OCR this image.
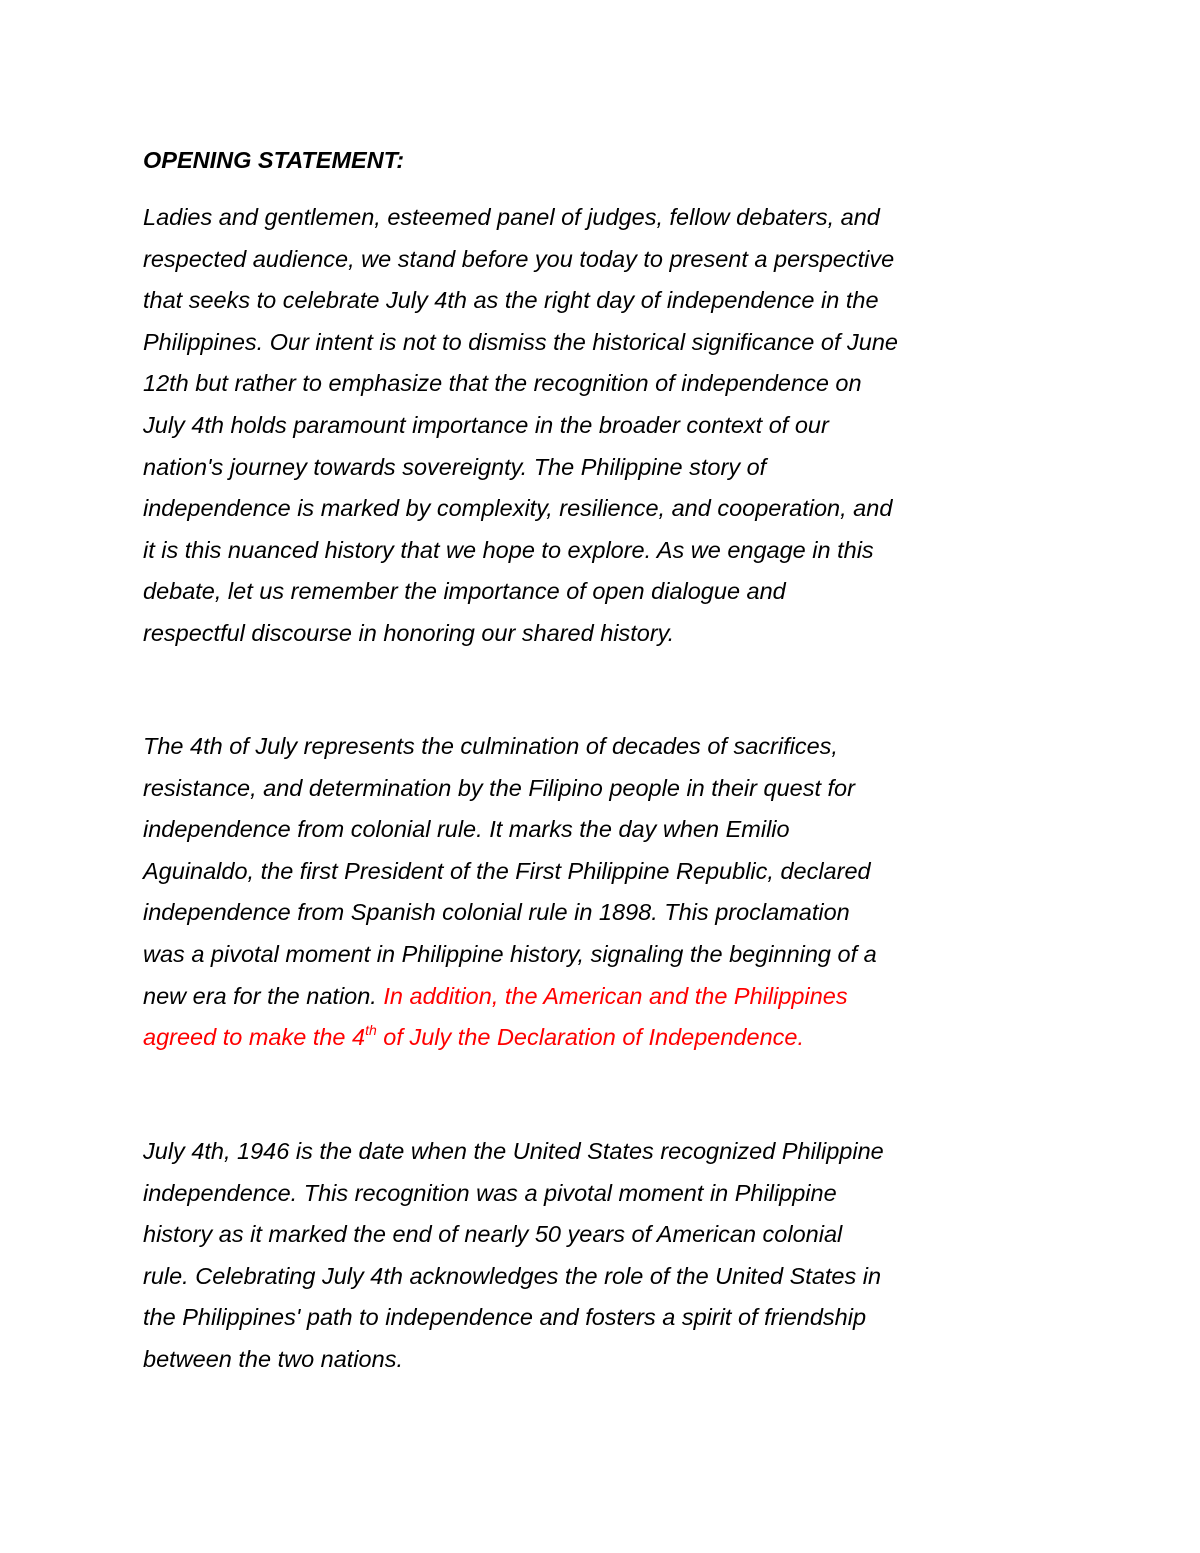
OPENING STATEMENT:

Ladies and gentlemen, esteemed panel of judges, fellow debaters, and
respected audience, we stand before you today to present a perspective
that seeks to celebrate July 4th as the right day of independence in the
Philippines. Our intent is not to dismiss the historical significance of June
12th but rather to emphasize that the recognition of independence on
July 4th holds paramount importance in the broader context of our
nation's journey towards sovereignty. The Philippine story of
independence is marked by complexity, resilience, and cooperation, and
it is this nuanced history that we hope to explore. As we engage in this
debate, let us remember the importance of open dialogue and
respectful discourse in honoring our shared history.

The 4th of July represents the culmination of decades of sacrifices,
resistance, and determination by the Filipino people in their quest for
independence from colonial rule. It marks the day when Emilio
Aguinaldo, the first President of the First Philippine Republic, declared
independence from Spanish colonial rule in 1898. This proclamation
was a pivotal moment in Philippine history, signaling the beginning of a
new era for the nation. In addition, the American and the Philippines
agreed to make the 4th of July the Declaration of Independence.

July 4th, 1946 is the date when the United States recognized Philippine
independence. This recognition was a pivotal moment in Philippine
history as it marked the end of nearly 50 years of American colonial
rule. Celebrating July 4th acknowledges the role of the United States in
the Philippines' path to independence and fosters a spirit of friendship
between the two nations.
